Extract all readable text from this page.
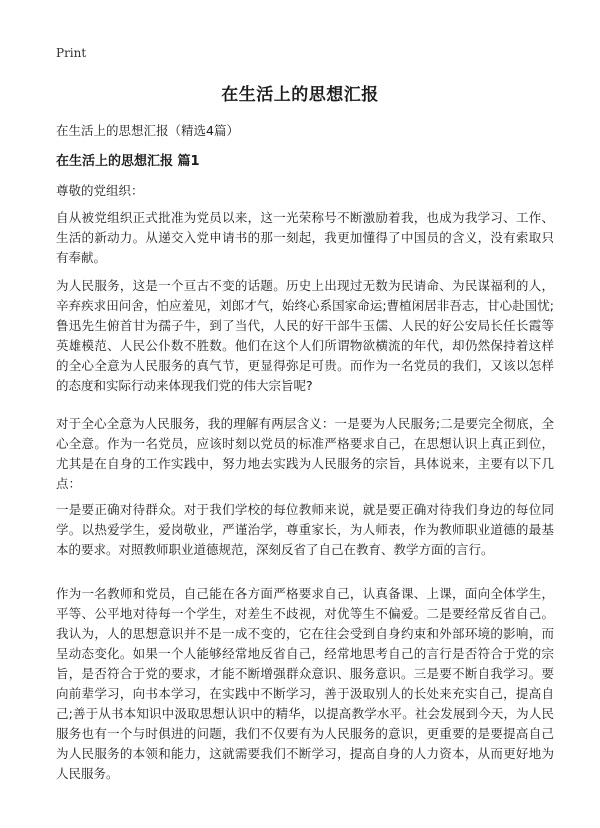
Print
在生活上的思想汇报

在生活上的思想汇报（精选4篇）

在生活上的思想汇报 篇1

尊敬的党组织：

自从被党组织正式批准为党员以来，这一光荣称号不断激励着我，也成为我学习、工作、生活的新动力。从递交入党申请书的那一刻起，我更加懂得了中国员的含义，没有索取只有奉献。

为人民服务，这是一个亘古不变的话题。历史上出现过无数为民请命、为民谋福利的人，辛弃疾求田问舍，怕应羞见，刘郎才气，始终心系国家命运;曹植闲居非吾志，甘心赴国忧;鲁迅先生俯首甘为孺子牛，到了当代，人民的好干部牛玉儒、人民的好公安局长任长霞等英雄模范、人民公仆数不胜数。他们在这个人们所谓物欲横流的年代，却仍然保持着这样的全心全意为人民服务的真气节，更显得弥足可贵。而作为一名党员的我们，又该以怎样的态度和实际行动来体现我们党的伟大宗旨呢?

对于全心全意为人民服务，我的理解有两层含义：一是要为人民服务;二是要完全彻底，全心全意。作为一名党员，应该时刻以党员的标准严格要求自己，在思想认识上真正到位，尤其是在自身的工作实践中，努力地去实践为人民服务的宗旨，具体说来，主要有以下几点：

一是要正确对待群众。对于我们学校的每位教师来说，就是要正确对待我们身边的每位同学。以热爱学生，爱岗敬业，严谨治学，尊重家长，为人师表，作为教师职业道德的最基本的要求。对照教师职业道德规范，深刻反省了自己在教育、教学方面的言行。

作为一名教师和党员，自己能在各方面严格要求自己，认真备课、上课，面向全体学生，平等、公平地对待每一个学生，对差生不歧视，对优等生不偏爱。二是要经常反省自己。我认为，人的思想意识并不是一成不变的，它在往会受到自身约束和外部环境的影响，而呈动态变化。如果一个人能够经常地反省自己，经常地思考自己的言行是否符合于党的宗旨，是否符合于党的要求，才能不断增强群众意识、服务意识。三是要不断自我学习。要向前辈学习，向书本学习，在实践中不断学习，善于汲取别人的长处来充实自己，提高自己;善于从书本知识中汲取思想认识中的精华，以提高教学水平。社会发展到今天，为人民服务也有一个与时俱进的问题，我们不仅要有为人民服务的意识，更重要的是要提高自己为人民服务的本领和能力，这就需要我们不断学习，提高自身的人力资本，从而更好地为人民服务。
